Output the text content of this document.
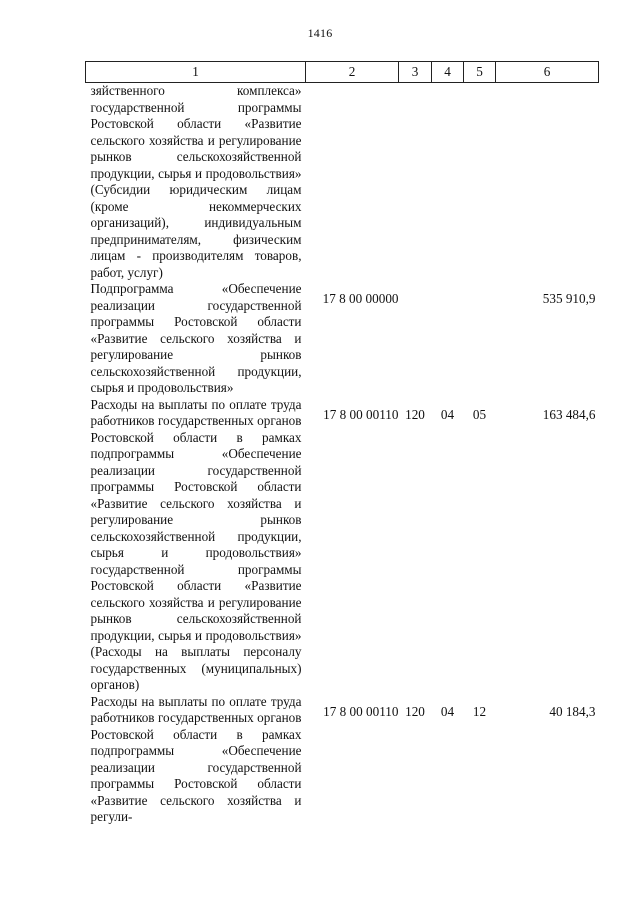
1416
1	2	3	4	5	6
зяйственного комплекса» государственной программы Ростовской области «Развитие сельского хозяйства и регулирование рынков сельскохозяйственной продукции, сырья и продовольствия» (Субсидии юридическим лицам (кроме некоммерческих организаций), индивидуальным предпринимателям, физическим лицам - производителям товаров, работ, услуг)					
Подпрограмма «Обеспечение реализации государственной программы Ростовской области «Развитие сельского хозяйства и регулирование рынков сельскохозяйственной продукции, сырья и продовольствия»	17 8 00 00000				535 910,9
Расходы на выплаты по оплате труда работников государственных органов Ростовской области в рамках подпрограммы «Обеспечение реализации государственной программы Ростовской области «Развитие сельского хозяйства и регулирование рынков сельскохозяйственной продукции, сырья и продовольствия» государственной программы Ростовской области «Развитие сельского хозяйства и регулирование рынков сельскохозяйственной продукции, сырья и продовольствия» (Расходы на выплаты персоналу государственных (муниципальных) органов)	17 8 00 00110	120	04	05	163 484,6
Расходы на выплаты по оплате труда работников государственных органов Ростовской области в рамках подпрограммы «Обеспечение реализации государственной программы Ростовской области «Развитие сельского хозяйства и регули-	17 8 00 00110	120	04	12	40 184,3
